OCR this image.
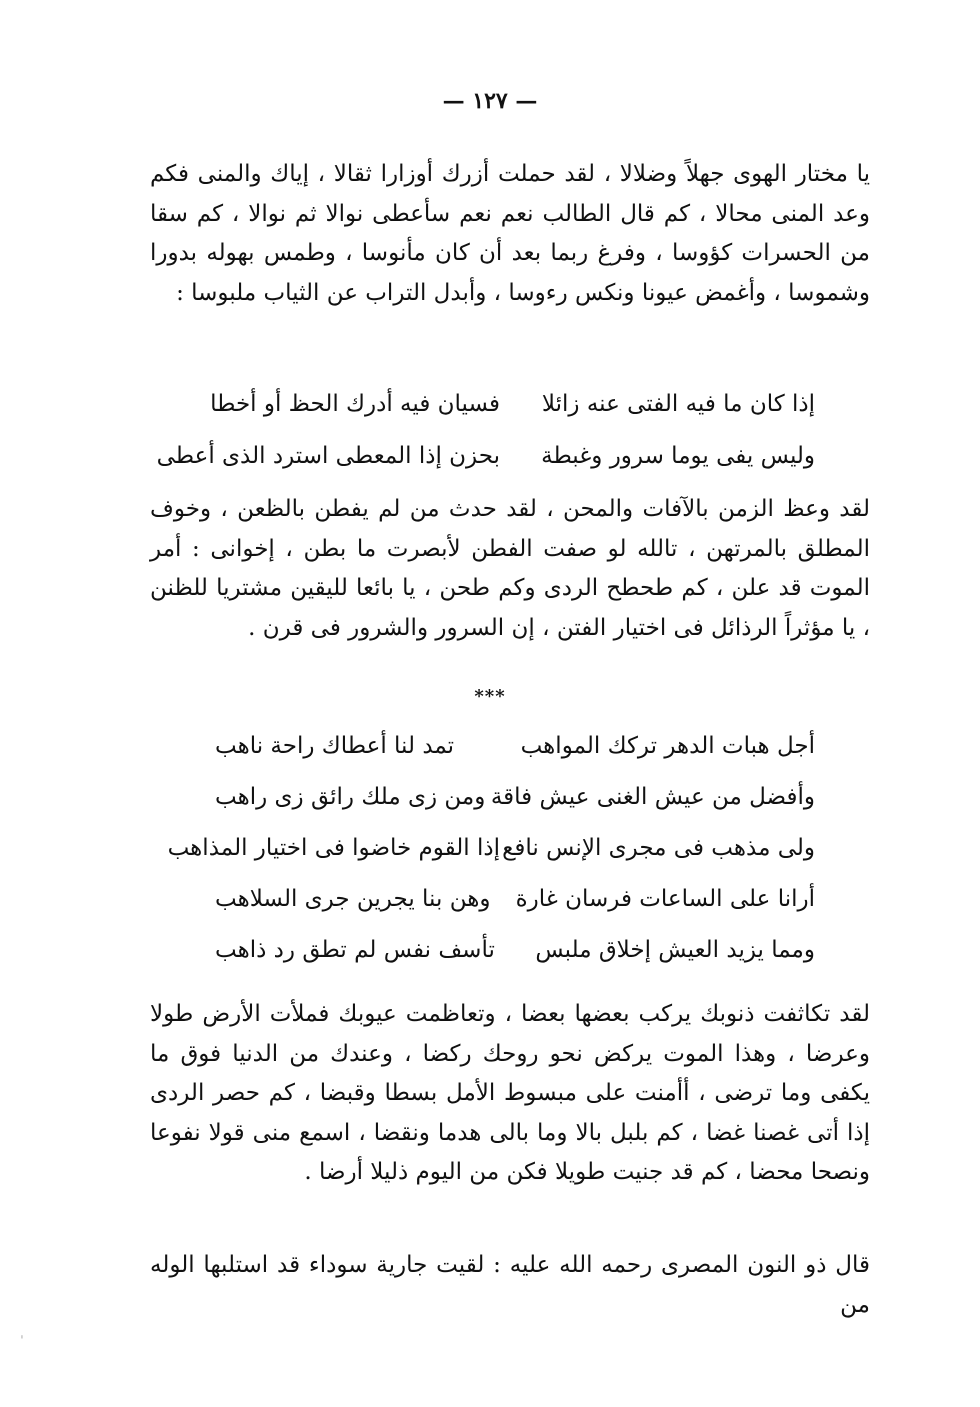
— ١٢٧ —

يا مختار الهوى جهلاً وضلالا ، لقد حملت أزرك أوزارا ثقالا ، إياك والمنى فكم وعد المنى محالا ، كم قال الطالب نعم نعم سأعطى نوالا ثم نوالا ، كم سقا من الحسرات كؤوسا ، وفرغ ربما بعد أن كان مأنوسا ، وطمس بهوله بدورا وشموسا ، وأغمض عيونا ونكس رءوسا ، وأبدل التراب عن الثياب ملبوسا :

إذا كان ما فيه الفتى عنه زائلا
فسيان فيه أدرك الحظ أو أخطا
وليس يفى يوما سرور وغبطة
بحزن إذا المعطى استرد الذى أعطى

لقد وعظ الزمن بالآفات والمحن ، لقد حدث من لم يفطن بالظعن ، وخوف المطلق بالمرتهن ، تالله لو صفت الفطن لأبصرت ما بطن ، إخوانى : أمر الموت قد علن ، كم طحطح الردى وكم طحن ، يا بائعا لليقين مشتريا للظنن ، يا مؤثراً الرذائل فى اختيار الفتن ، إن السرور والشرور فى قرن .

***
أجل هبات الدهر تركك المواهب
تمد لنا أعطاك راحة ناهب
وأفضل من عيش الغنى عيش فاقة
ومن زى ملك رائق زى راهب
ولى مذهب فى مجرى الإنس نافع
إذا القوم خاضوا فى اختيار المذاهب
أرانا على الساعات فرسان غارة
وهن بنا يجرين جرى السلاهب
ومما يزيد العيش إخلاق ملبس
تأسف نفس لم تطق رد ذاهب

لقد تكاثفت ذنوبك يركب بعضها بعضا ، وتعاظمت عيوبك فملأت الأرض طولا وعرضا ، وهذا الموت يركض نحو روحك ركضا ، وعندك من الدنيا فوق ما يكفى وما ترضى ، أأمنت على مبسوط الأمل بسطا وقبضا ، كم حصر الردى إذا أتى غصنا غضا ، كم بلبل بالا وما بالى هدما ونقضا ، اسمع منى قولا نفوعا ونصحا محضا ، كم قد جنيت طويلا فكن من اليوم ذليلا أرضا .

قال ذو النون المصرى رحمه الله عليه : لقيت جارية سوداء قد استلبها الوله من

ˈ
